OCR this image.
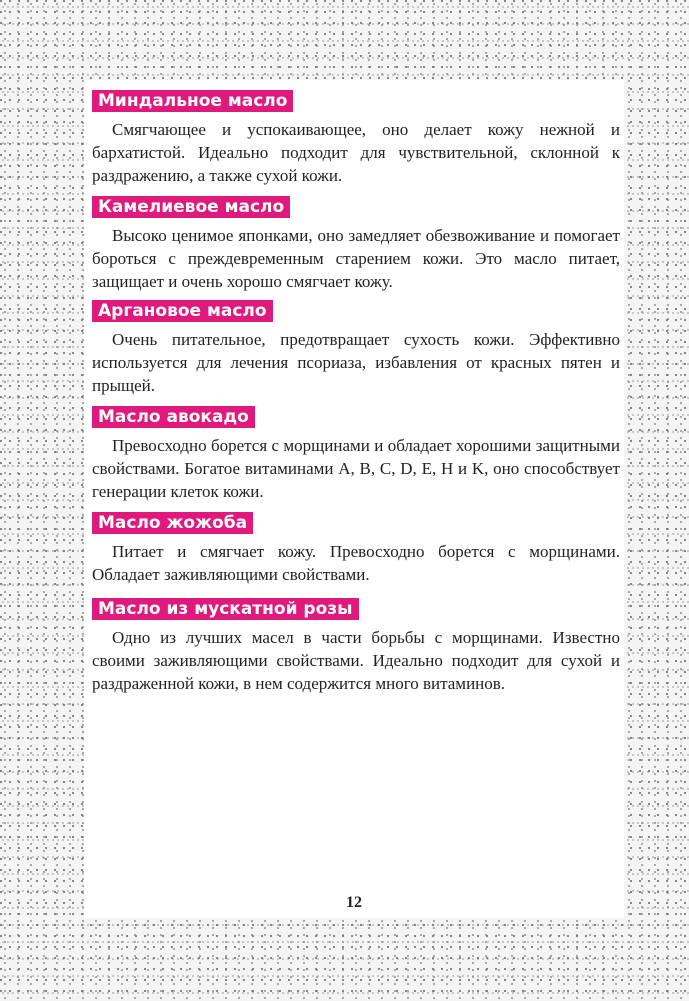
Миндальное масло

Смягчающее и успокаивающее, оно делает кожу нежной и бархатистой. Идеально подходит для чувствительной, склонной к раздражению, а также сухой кожи.

Камелиевое масло

Высоко ценимое японками, оно замедляет обезвоживание и помогает бороться с преждевременным старением кожи. Это масло питает, защищает и очень хорошо смягчает кожу.

Аргановое масло

Очень питательное, предотвращает сухость кожи. Эффективно используется для лечения псориаза, избавления от красных пятен и прыщей.

Масло авокадо

Превосходно борется с морщинами и обладает хорошими защитными свойствами. Богатое витаминами A, B, C, D, E, H и K, оно способствует генерации клеток кожи.

Масло жожоба

Питает и смягчает кожу. Превосходно борется с морщинами. Обладает заживляющими свойствами.

Масло из мускатной розы

Одно из лучших масел в части борьбы с морщинами. Известно своими заживляющими свойствами. Идеально подходит для сухой и раздраженной кожи, в нем содержится много витаминов.

12
